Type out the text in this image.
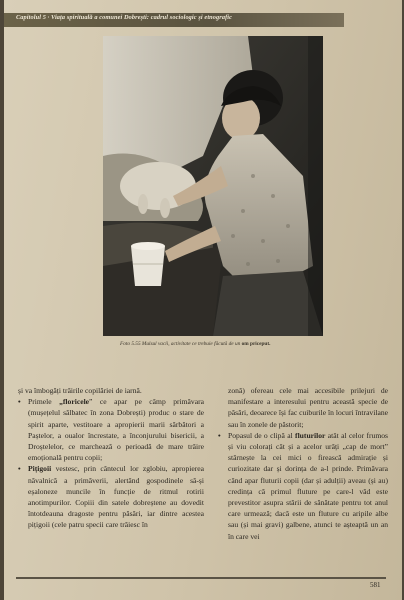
Capitolul 5 · Viața spirituală a comunei Dobrești: cadrul sociologic și etnografic
Foto 5.55 Mulsul vacii, activitate ce trebuie făcută de un om priceput.

și va îmbogăți trăirile copilăriei de iarnă.

• Primele „floricele” ce apar pe câmp primăvara (mușețelul sălbatec în zona Dobrești) produc o stare de spirit aparte, vestitoare a apropierii marii sărbători a Paștelor, a oualor încrestate, a înconjurului bisericii, a Droștelelor, ce marchează o perioadă de mare trăire emoțională pentru copii;

• Pițigoii vestesc, prin cântecul lor zglobiu, apropierea năvalnică a primăverii, alertând gospodinele să-și eșaloneze muncile în funcție de ritmul rotirii anotimpurilor. Copiii din satele dobreștene au dovedit întotdeauna dragoste pentru păsări, iar dintre acestea pițigoii (cele patru specii care trăiesc în

zonă) ofereau cele mai accesibile prilejuri de manifestare a interesului pentru această specie de păsări, deoarece își fac cuiburile în locuri întravilane sau în zonele de păstorit;

• Popasul de o clipă al fluturilor atât al celor frumos și viu colorați cât și a acelor urâți „cap de mort” stârnește la cei mici o firească admirație și curiozitate dar și dorința de a-l prinde. Primăvara când apar fluturii copii (dar și adulții) aveau (și au) credința că primul fluture pe care-l văd este prevestitor asupra stării de sănătate pentru tot anul care urmează; dacă este un fluture cu aripile albe sau (și mai gravi) galbene, atunci te așteaptă un an în care vei

581
